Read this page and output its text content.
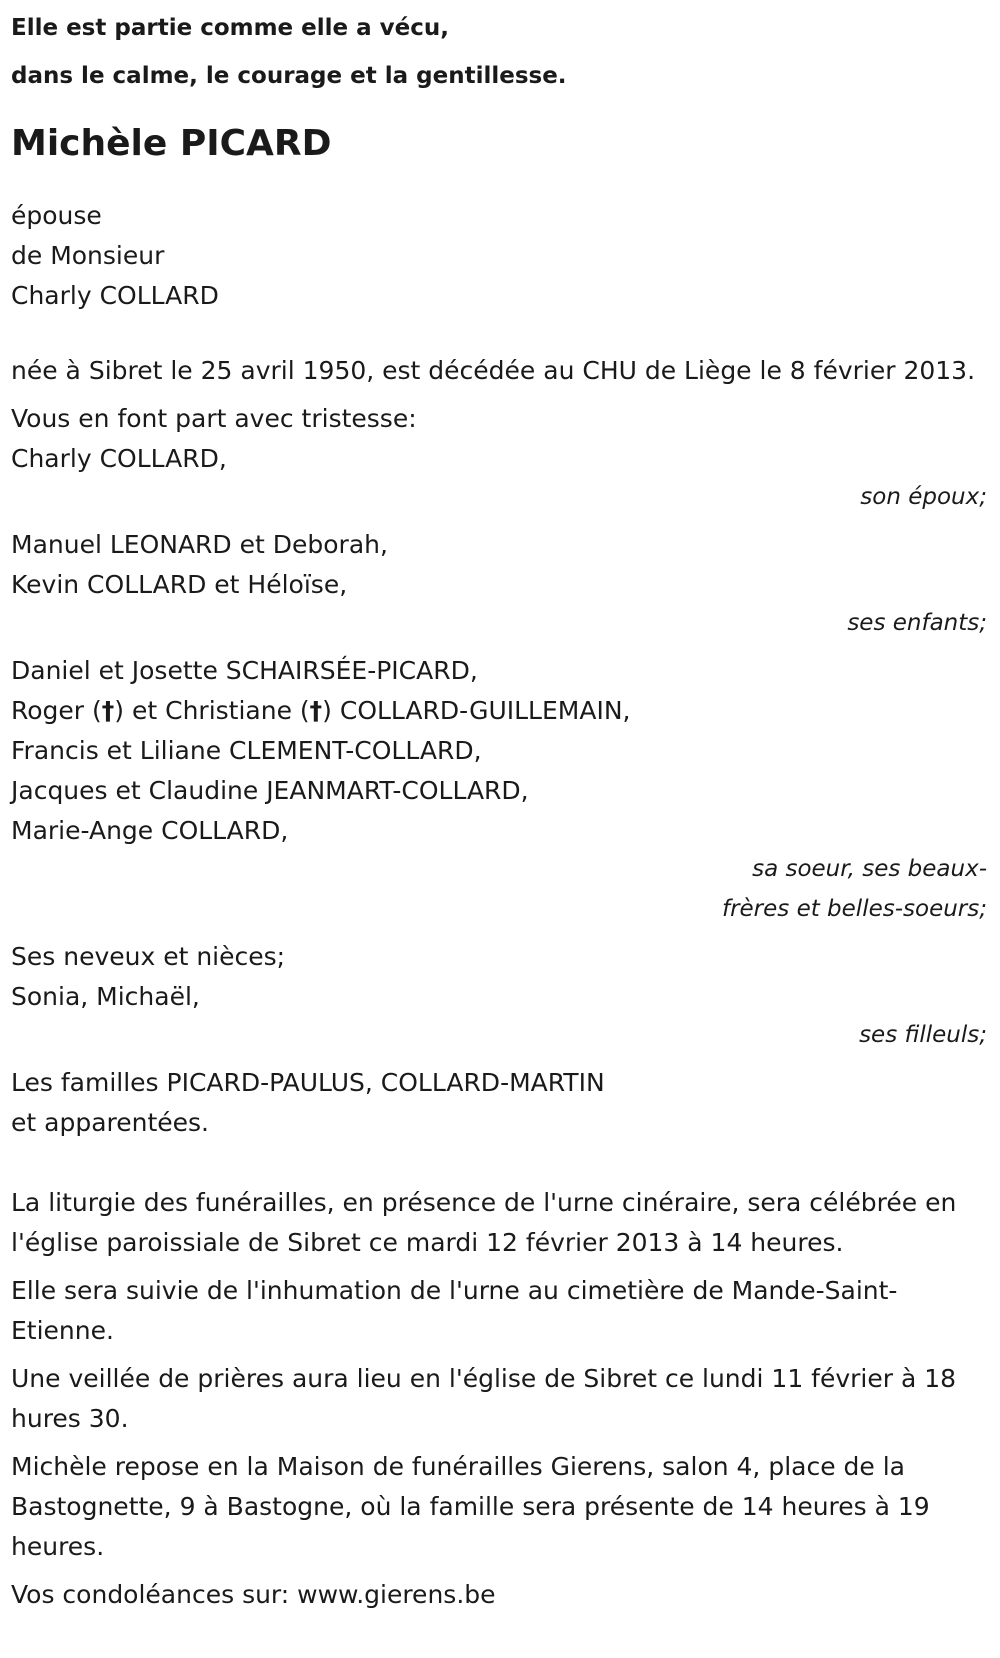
Elle est partie comme elle a vécu,
dans le calme, le courage et la gentillesse.
Michèle PICARD
épouse
de Monsieur
Charly COLLARD
née à Sibret le 25 avril 1950, est décédée au CHU de Liège le 8 février 2013.
Vous en font part avec tristesse:
Charly COLLARD,
son époux;
Manuel LEONARD et Deborah,
Kevin COLLARD et Héloïse,
ses enfants;
Daniel et Josette SCHAIRSÉE-PICARD,
Roger (†) et Christiane (†) COLLARD-GUILLEMAIN,
Francis et Liliane CLEMENT-COLLARD,
Jacques et Claudine JEANMART-COLLARD,
Marie-Ange COLLARD,
sa soeur, ses beaux-frères et belles-soeurs;
Ses neveux et nièces;
Sonia, Michaël,
ses filleuls;
Les familles PICARD-PAULUS, COLLARD-MARTIN
et apparentées.
La liturgie des funérailles, en présence de l'urne cinéraire, sera célébrée en l'église paroissiale de Sibret ce mardi 12 février 2013 à 14 heures.
Elle sera suivie de l'inhumation de l'urne au cimetière de Mande-Saint-Etienne.
Une veillée de prières aura lieu en l'église de Sibret ce lundi 11 février à 18 hures 30.
Michèle repose en la Maison de funérailles Gierens, salon 4, place de la Bastognette, 9 à Bastogne, où la famille sera présente de 14 heures à 19 heures.
Vos condoléances sur: www.gierens.be
